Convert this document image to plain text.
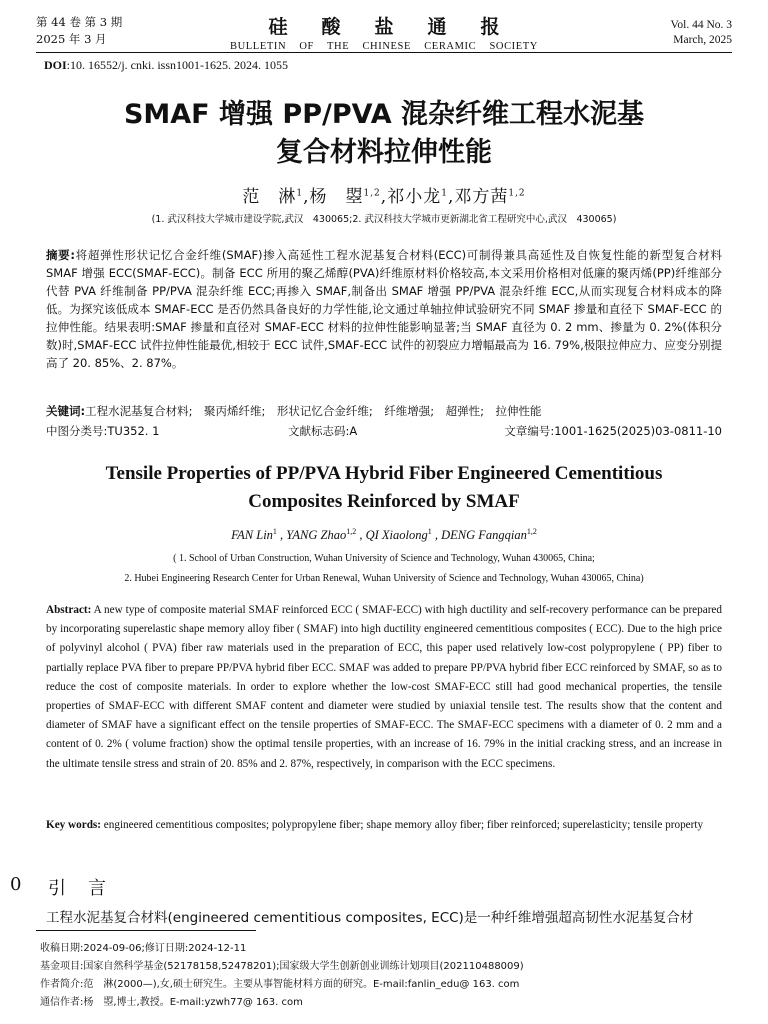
第 44 卷 第 3 期
2025 年 3 月
硅酸盐通报
BULLETIN OF THE CHINESE CERAMIC SOCIETY
Vol. 44 No. 3
March, 2025
DOI:10. 16552/j. cnki. issn1001-1625. 2024. 1055
SMAF 增强 PP/PVA 混杂纤维工程水泥基
复合材料拉伸性能
范　淋$^1$,杨　曌$^{1,2}$,祁小龙$^1$,邓方茜$^{1,2}$
(1. 武汉科技大学城市建设学院,武汉　430065;2. 武汉科技大学城市更新湖北省工程研究中心,武汉　430065)
摘要:将超弹性形状记忆合金纤维(SMAF)掺入高延性工程水泥基复合材料(ECC)可制得兼具高延性及自恢复性能的新型复合材料 SMAF 增强 ECC(SMAF-ECC)。制备 ECC 所用的聚乙烯醇(PVA)纤维原材料价格较高,本文采用价格相对低廉的聚丙烯(PP)纤维部分代替 PVA 纤维制备 PP/PVA 混杂纤维 ECC;再掺入 SMAF,制备出 SMAF 增强 PP/PVA 混杂纤维 ECC,从而实现复合材料成本的降低。为探究该低成本 SMAF-ECC 是否仍然具备良好的力学性能,论文通过单轴拉伸试验研究不同 SMAF 掺量和直径下 SMAF-ECC 的拉伸性能。结果表明:SMAF 掺量和直径对 SMAF-ECC 材料的拉伸性能影响显著;当 SMAF 直径为 0. 2 mm、掺量为 0. 2%(体积分数)时,SMAF-ECC 试件拉伸性能最优,相较于 ECC 试件,SMAF-ECC 试件的初裂应力增幅最高为 16. 79%,极限拉伸应力、应变分别提高了 20. 85%、2. 87%。
关键词:工程水泥基复合材料;　聚丙烯纤维;　形状记忆合金纤维;　纤维增强;　超弹性;　拉伸性能
中图分类号:TU352. 1	文献标志码:A	文章编号:1001-1625(2025)03-0811-10
Tensile Properties of PP/PVA Hybrid Fiber Engineered Cementitious
Composites Reinforced by SMAF
FAN Lin$^1$ , YANG Zhao$^{1,2}$ , QI Xiaolong$^1$ , DENG Fangqian$^{1,2}$
( 1. School of Urban Construction, Wuhan University of Science and Technology, Wuhan 430065, China;
2. Hubei Engineering Research Center for Urban Renewal, Wuhan University of Science and Technology, Wuhan 430065, China)
Abstract: A new type of composite material SMAF reinforced ECC ( SMAF-ECC) with high ductility and self-recovery performance can be prepared by incorporating superelastic shape memory alloy fiber ( SMAF) into high ductility engineered cementitious composites ( ECC). Due to the high price of polyvinyl alcohol ( PVA) fiber raw materials used in the preparation of ECC, this paper used relatively low-cost polypropylene ( PP) fiber to partially replace PVA fiber to prepare PP/PVA hybrid fiber ECC. SMAF was added to prepare PP/PVA hybrid fiber ECC reinforced by SMAF, so as to reduce the cost of composite materials. In order to explore whether the low-cost SMAF-ECC still had good mechanical properties, the tensile properties of SMAF-ECC with different SMAF content and diameter were studied by uniaxial tensile test. The results show that the content and diameter of SMAF have a significant effect on the tensile properties of SMAF-ECC. The SMAF-ECC specimens with a diameter of 0. 2 mm and a content of 0. 2% ( volume fraction) show the optimal tensile properties, with an increase of 16. 79% in the initial cracking stress, and an increase in the ultimate tensile stress and strain of 20. 85% and 2. 87%, respectively, in comparison with the ECC specimens.
Key words: engineered cementitious composites; polypropylene fiber; shape memory alloy fiber; fiber reinforced; superelasticity; tensile property
0 引言
工程水泥基复合材料(engineered cementitious composites, ECC)是一种纤维增强超高韧性水泥基复合材
收稿日期:2024-09-06;修订日期:2024-12-11
基金项目:国家自然科学基金(52178158,52478201);国家级大学生创新创业训练计划项目(202110488009)
作者简介:范　淋(2000—),女,硕士研究生。主要从事智能材料方面的研究。E-mail:fanlin_edu@ 163. com
通信作者:杨　曌,博士,教授。E-mail:yzwh77@ 163. com
